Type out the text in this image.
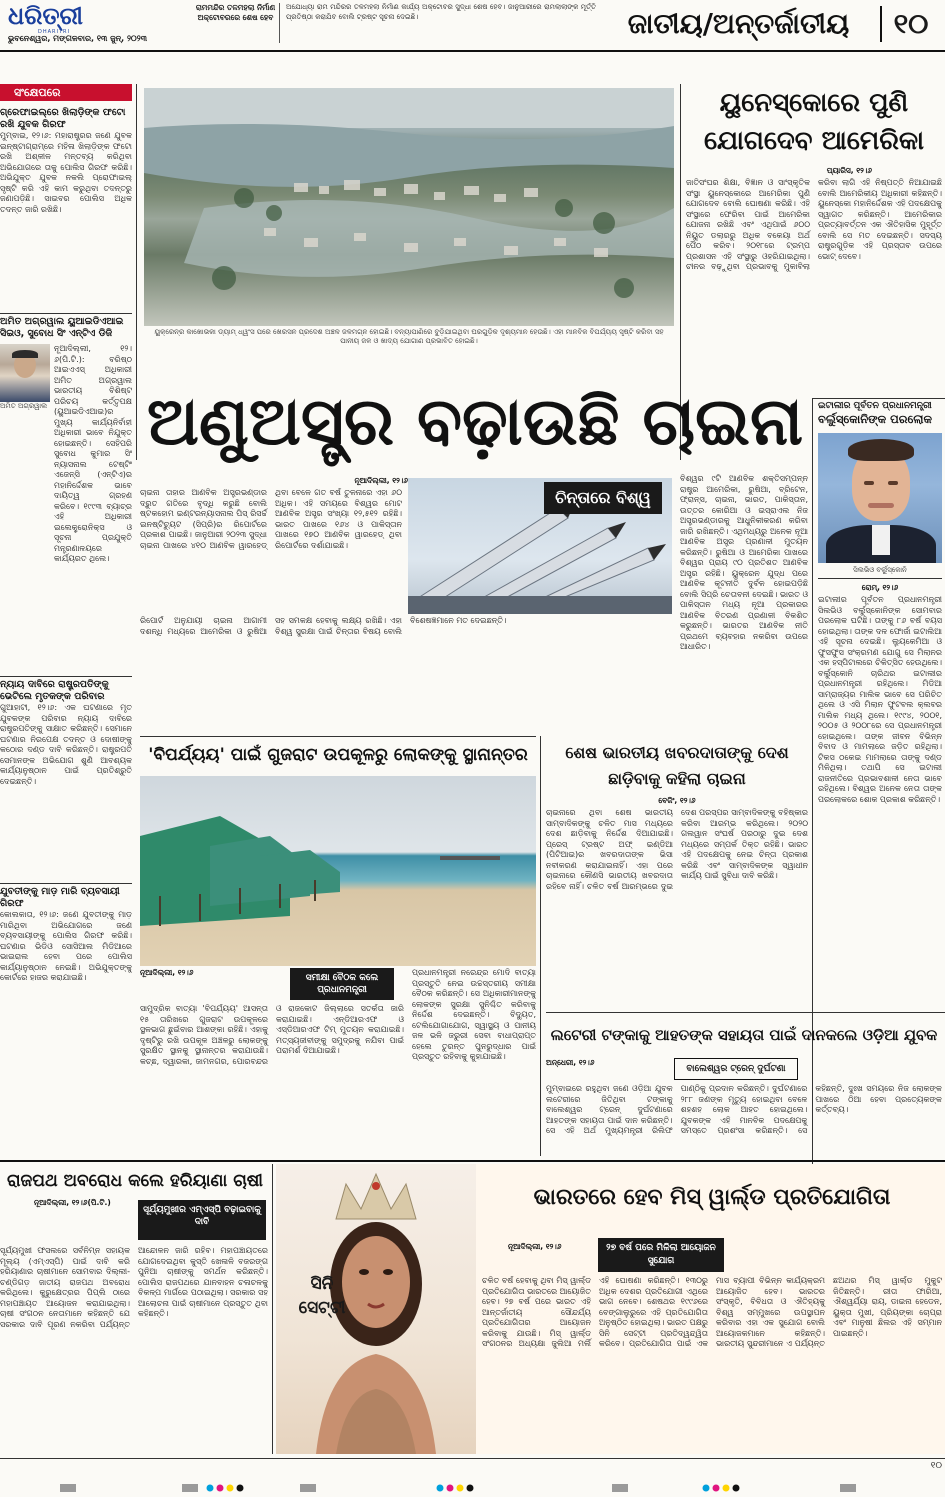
ଧରିତ୍ରୀ
DHARITRI
ଭୁବନେଶ୍ୱର, ମଙ୍ଗଳବାର, ୧୩ ଜୁନ୍, ୨୦୨୩
ରାମମନ୍ଦିର ତଳମହଲା ନିର୍ମାଣ ଅକ୍ଟୋବରରେ ଶେଷ ହେବ
ଅଯୋଧ୍ୟା ରାମ ମନ୍ଦିରର ତଳମହଲା ନିର୍ମାଣ କାର୍ଯ୍ୟ ଅକ୍ଟୋବର ସୁଦ୍ଧା ଶେଷ ହେବ। ଜାନୁଆରୀରେ ରାମଲାଲାଙ୍କ ମୂର୍ତ୍ତି ପ୍ରତିଷ୍ଠା କରାଯିବ ବୋଲି ଟ୍ରଷ୍ଟ ସୂଚନା ଦେଇଛି।	ଜାତୀୟ/ଅନ୍ତର୍ଜାତୀୟ	୧୦
ସଂକ୍ଷେପରେ
ଗ୍ରେଫାଇଲ୍‌ରେ ଖିଲାଡ଼ିଙ୍କ ଫଟୋ ରଖି ଯୁବକ ଗିରଫ
ମୁମ୍ବାଇ, ୧୨।୬: ମହାରାଷ୍ଟ୍ରର ଜଣେ ଯୁବକ ଇନ୍‌ଷ୍ଟାଗ୍ରାମ୍‌ରେ ମହିଳା ଖିଲାଡ଼ିଙ୍କ ଫଟୋ ରଖି ଅଶ୍ଳୀଳ ମନ୍ତବ୍ୟ କରିଥିବା ଅଭିଯୋଗରେ ତାକୁ ପୋଲିସ ଗିରଫ କରିଛି। ଅଭିଯୁକ୍ତ ଯୁବକ ନକଲି ପ୍ରୋଫାଇଲ୍ ସୃଷ୍ଟି କରି ଏହି କାମ କରୁଥିବା ତଦନ୍ତରୁ ଜଣାପଡ଼ିଛି। ସାଇବର ପୋଲିସ ଅଧିକ ତଦନ୍ତ ଜାରି ରଖିଛି।
ଅମିତ ଅଗ୍ରୱାଲ ୟୁଆଇଡିଏଆଇ ସିଇଓ, ସୁବୋଧ ସିଂ ଏନ୍‌ଟିଏ ଡିଜି
ନୂଆଦିଲ୍ଲୀ, ୧୨।୬(ପି.ଟି.): ବରିଷ୍ଠ ଆଇଏଏସ୍ ଅଧିକାରୀ ଅମିତ ଅଗ୍ରୱାଲ ଭାରତୀୟ ବିଶିଷ୍ଟ ପରିଚୟ କର୍ତ୍ତୃପକ୍ଷ (ୟୁଆଇଡିଏଆଇ)ର ମୁଖ୍ୟ କାର୍ଯ୍ୟନିର୍ବାହୀ ଅଧିକାରୀ ଭାବେ ନିଯୁକ୍ତ ହୋଇଛନ୍ତି। ସେହିପରି ସୁବୋଧ କୁମାର ସିଂ ନ୍ୟାସନାଲ ଟେଷ୍ଟିଂ ଏଜେନ୍ସି (ଏନ୍‌ଟିଏ)ର ମହାନିର୍ଦ୍ଦେଶକ ଭାବେ ଦାୟିତ୍ୱ ଗ୍ରହଣ କରିବେ। ୧୯୯୩ ବ୍ୟାଚ୍‌ର ଏହି ଅଧିକାରୀ ଇଲେକ୍ଟ୍ରୋନିକ୍ସ ଓ ସୂଚନା ପ୍ରଯୁକ୍ତି ମନ୍ତ୍ରଣାଳୟରେ କାର୍ଯ୍ୟରତ ଥିଲେ।
ଅମିତ ଅଗ୍ରୱାଲ
ନ୍ୟାୟ ଦାବିରେ ରାଷ୍ଟ୍ରପତିଙ୍କୁ ଭେଟିଲେ ମୃତକଙ୍କ ପରିବାର
ଗୁଆହାଟୀ, ୧୨।୬: ଏକ ଘଟଣାରେ ମୃତ ଯୁବକଙ୍କ ପରିବାର ନ୍ୟାୟ ଦାବିରେ ରାଷ୍ଟ୍ରପତିଙ୍କୁ ସାକ୍ଷାତ କରିଛନ୍ତି। ସେମାନେ ଘଟଣାର ନିରପେକ୍ଷ ତଦନ୍ତ ଓ ଦୋଷୀଙ୍କୁ କଠୋର ଦଣ୍ଡ ଦାବି କରିଛନ୍ତି। ରାଷ୍ଟ୍ରପତି ସେମାନଙ୍କ ଅଭିଯୋଗ ଶୁଣି ଆବଶ୍ୟକ କାର୍ଯ୍ୟାନୁଷ୍ଠାନ ପାଇଁ ପ୍ରତିଶ୍ରୁତି ଦେଇଛନ୍ତି।
ଯୁବତୀଙ୍କୁ ମାଡ଼ ମାରି ବ୍ୟବସାୟୀ ଗିରଫ
କୋଲକାତା, ୧୨।୬: ଜଣେ ଯୁବତୀଙ୍କୁ ମାଡ଼ ମାରିଥିବା ଅଭିଯୋଗରେ ଜଣେ ବ୍ୟବସାୟୀଙ୍କୁ ପୋଲିସ ଗିରଫ କରିଛି। ଘଟଣାର ଭିଡିଓ ସୋସିଆଲ ମିଡିଆରେ ଭାଇରାଲ ହେବା ପରେ ପୋଲିସ କାର୍ଯ୍ୟାନୁଷ୍ଠାନ ନେଇଛି। ଅଭିଯୁକ୍ତଙ୍କୁ କୋର୍ଟରେ ହାଜର କରାଯାଇଛି।
ୟୁକ୍ରେନ୍‌ର କାଖୋଭକା ଡ୍ୟାମ୍ ଧ୍ୱଂସ ପରେ ଖେରସନ ପ୍ରଦେଶ ଅଞ୍ଚଳ ଜଳମଗ୍ନ ହୋଇଛି। ବନ୍ୟାପାଣିରେ ବୁଡ଼ିଯାଇଥିବା ଘରଗୁଡ଼ିକ ଦୃଶ୍ୟମାନ ହେଉଛି। ଏହା ମାନବିକ ବିପର୍ଯ୍ୟୟ ସୃଷ୍ଟି କରିବା ସହ ପାନୀୟ ଜଳ ଓ ଖାଦ୍ୟ ଯୋଗାଣ ପ୍ରଭାବିତ ହୋଇଛି।
ୟୁନେସ୍କୋରେ ପୁଣି ଯୋଗଦେବ ଆମେରିକା
ପ୍ୟାରିସ, ୧୨।୬
ଜାତିସଂଘର ଶିକ୍ଷା, ବିଜ୍ଞାନ ଓ ସାଂସ୍କୃତିକ ସଂସ୍ଥା ୟୁନେସ୍କୋରେ ଆମେରିକା ପୁଣି ଯୋଗଦେବ ବୋଲି ଘୋଷଣା କରିଛି। ଏହି ସଂସ୍ଥାରେ ଫେରିବା ପାଇଁ ଆମେରିକା ଯୋଜନା ରଖିଛି ଏବଂ ଏଥିପାଇଁ ୬୦୦ ନିୟୁତ ଡଲାରରୁ ଅଧିକ ବକେୟା ଅର୍ଥ ପୈଠ କରିବ। ୨୦୧୮ରେ ଟ୍ରମ୍ପ ପ୍ରଶାସନ ଏହି ସଂସ୍ଥାରୁ ଓହରିଯାଇଥିଲା। ଚୀନର ବଢ଼ୁଥିବା ପ୍ରଭାବକୁ ମୁକାବିଲା କରିବା ଲାଗି ଏହି ନିଷ୍ପତ୍ତି ନିଆଯାଇଛି ବୋଲି ଆମେରିକୀୟ ଅଧିକାରୀ କହିଛନ୍ତି। ୟୁନେସ୍କୋ ମହାନିର୍ଦ୍ଦେଶକ ଏହି ପଦକ୍ଷେପକୁ ସ୍ୱାଗତ କରିଛନ୍ତି। ଆମେରିକାର ପ୍ରତ୍ୟାବର୍ତ୍ତନ ଏକ ଐତିହାସିକ ମୁହୂର୍ତ୍ତ ବୋଲି ସେ ମତ ଦେଇଛନ୍ତି। ସଦସ୍ୟ ରାଷ୍ଟ୍ରଗୁଡ଼ିକ ଏହି ପ୍ରସ୍ତାବ ଉପରେ ଭୋଟ୍ ଦେବେ।
ଅଣୁଅସ୍ତ୍ର ବଢ଼ାଉଛି ଚାଇନା	ଇଟାଲୀର ପୂର୍ବତନ ପ୍ରଧାନମନ୍ତ୍ରୀ
ବର୍ଲୁସ୍କୋନିଙ୍କ ପରଲୋକ
ସିଲଭିଓ ବର୍ଲୁସ୍କୋନି
ରୋମ୍, ୧୨।୬
ଇଟାଲୀର ପୂର୍ବତନ ପ୍ରଧାନମନ୍ତ୍ରୀ ସିଲଭିଓ ବର୍ଲୁସ୍କୋନିଙ୍କ ସୋମବାର ପରଲୋକ ଘଟିଛି। ତାଙ୍କୁ ୮୬ ବର୍ଷ ବୟସ ହୋଇଥିଲା। ତାଙ୍କ ଦଳ ଫୋର୍ଜା ଇଟାଲିଆ ଏହି ସୂଚନା ଦେଇଛି। ଲ୍ୟୁକେମିଆ ଓ ଫୁସଫୁସ ସଂକ୍ରମଣ ଯୋଗୁ ସେ ମିଲାନର ଏକ ହସ୍ପିଟାଲରେ ଚିକିତ୍ସିତ ହେଉଥିଲେ। ବର୍ଲୁସ୍କୋନି ଚାରିଥର ଇଟାଲୀର ପ୍ରଧାନମନ୍ତ୍ରୀ ରହିଥିଲେ। ମିଡିଆ ସାମ୍ରାଜ୍ୟର ମାଲିକ ଭାବେ ସେ ପରିଚିତ ଥିଲେ ଓ ଏସି ମିଲାନ ଫୁଟବଲ କ୍ଲବର ମାଲିକ ମଧ୍ୟ ଥିଲେ। ୧୯୯୪, ୨୦୦୧, ୨୦୦୫ ଓ ୨୦୦୮ରେ ସେ ପ୍ରଧାନମନ୍ତ୍ରୀ ହୋଇଥିଲେ। ତାଙ୍କ ଜୀବନ ବିଭିନ୍ନ ବିବାଦ ଓ ମାମଲାରେ ଜଡ଼ିତ ରହିଥିଲା। ଟିକସ ଠକେଇ ମାମଲାରେ ତାଙ୍କୁ ଦଣ୍ଡ ମିଳିଥିଲା। ତଥାପି ସେ ଇଟାଲୀ ରାଜନୀତିରେ ପ୍ରଭାବଶାଳୀ ନେତା ଭାବେ ରହିଥିଲେ। ବିଶ୍ୱର ଅନେକ ନେତା ତାଙ୍କ ପରଲୋକରେ ଶୋକ ପ୍ରକାଶ କରିଛନ୍ତି।
ନୂଆଦିଲ୍ଲୀ, ୧୨।୬
ଚାଇନା ତାହାର ଆଣବିକ ଅସ୍ତ୍ରଭଣ୍ଡାର ଦ୍ରୁତ ଗତିରେ ବୃଦ୍ଧି କରୁଛି ବୋଲି ଷ୍ଟକହୋମ ଇଣ୍ଟରନ୍ୟାସନାଲ ପିସ୍ ରିସର୍ଚ୍ଚ ଇନଷ୍ଟିଚ୍ୟୁଟ (ସିପ୍ରି)ର ରିପୋର୍ଟରେ ପ୍ରକାଶ ପାଇଛି। ଜାନୁଆରୀ ୨୦୨୩ ସୁଦ୍ଧା ଚାଇନା ପାଖରେ ୪୧୦ ଆଣବିକ ୱାରହେଡ୍ ଥିବା ବେଳେ ଗତ ବର୍ଷ ତୁଳନାରେ ଏହା ୬୦ ଅଧିକ। ଏହି ସମୟରେ ବିଶ୍ୱର ମୋଟ ଆଣବିକ ଅସ୍ତ୍ର ସଂଖ୍ୟା ୧୨,୫୧୨ ରହିଛି। ଭାରତ ପାଖରେ ୧୬୪ ଓ ପାକିସ୍ତାନ ପାଖରେ ୧୭୦ ଆଣବିକ ୱାରହେଡ୍ ଥିବା ରିପୋର୍ଟରେ ଦର୍ଶାଯାଇଛି।
ଚିନ୍ତାରେ ବିଶ୍ୱ
ବିଶ୍ୱର ୯ଟି ଆଣବିକ ଶକ୍ତିସମ୍ପନ୍ନ ରାଷ୍ଟ୍ର ଆମେରିକା, ରୁଷିଆ, ବ୍ରିଟେନ, ଫ୍ରାନ୍ସ, ଚାଇନା, ଭାରତ, ପାକିସ୍ତାନ, ଉତ୍ତର କୋରିଆ ଓ ଇସ୍ରାଏଲ ନିଜ ଅସ୍ତ୍ରଭଣ୍ଡାରକୁ ଆଧୁନିକୀକରଣ କରିବା ଜାରି ରଖିଛନ୍ତି। ଏଥିମଧ୍ୟରୁ ଅନେକ ନୂଆ ଆଣବିକ ଅସ୍ତ୍ର ପ୍ରଣାଳୀ ମୁତୟନ କରିଛନ୍ତି। ରୁଷିଆ ଓ ଆମେରିକା ପାଖରେ ବିଶ୍ୱର ପ୍ରାୟ ୯୦ ପ୍ରତିଶତ ଆଣବିକ ଅସ୍ତ୍ର ରହିଛି। ୟୁକ୍ରେନ ଯୁଦ୍ଧ ପରେ ଆଣବିକ କୂଟନୀତି ଦୁର୍ବଳ ହୋଇପଡ଼ିଛି ବୋଲି ସିପ୍ରି ଚେତାବନୀ ଦେଇଛି। ଭାରତ ଓ ପାକିସ୍ତାନ ମଧ୍ୟ ନୂଆ ପ୍ରକାରର ଆଣବିକ ବିତରଣ ପ୍ରଣାଳୀ ବିକଶିତ କରୁଛନ୍ତି। ଭାରତର ଆଣବିକ ନୀତି ପ୍ରଥମେ ବ୍ୟବହାର ନକରିବା ଉପରେ ଆଧାରିତ।
ରିପୋର୍ଟ ଅନୁଯାୟୀ ଚାଇନା ଆଗାମୀ ଦଶନ୍ଧି ମଧ୍ୟରେ ଆମେରିକା ଓ ରୁଷିଆ ସହ ସମକକ୍ଷ ହେବାକୁ ଲକ୍ଷ୍ୟ ରଖିଛି। ଏହା ବିଶ୍ୱ ସୁରକ୍ଷା ପାଇଁ ଚିନ୍ତାର ବିଷୟ ବୋଲି ବିଶେଷଜ୍ଞମାନେ ମତ ଦେଇଛନ୍ତି।
'ବିପର୍ଯ୍ୟୟ' ପାଇଁ ଗୁଜରାଟ ଉପକୂଳରୁ ଲୋକଙ୍କୁ ସ୍ଥାନାନ୍ତର
ନୂଆଦିଲ୍ଲୀ, ୧୨।୬
ସମୀକ୍ଷା ବୈଠକ କଲେ ପ୍ରଧାନମନ୍ତ୍ରୀ
ସାମୁଦ୍ରିକ ବାତ୍ୟା 'ବିପର୍ଯ୍ୟୟ' ଆସନ୍ତା ୧୫ ତାରିଖରେ ଗୁଜରାଟ ଉପକୂଳରେ ସ୍ଥଳଭାଗ ଛୁଇଁବାର ଆଶଙ୍କା ରହିଛି। ଏହାକୁ ଦୃଷ୍ଟିରୁ ରଖି ଉପକୂଳ ଅଞ୍ଚଳରୁ ଲୋକଙ୍କୁ ସୁରକ୍ଷିତ ସ୍ଥାନକୁ ସ୍ଥାନାନ୍ତର କରାଯାଉଛି। କଚ୍ଛ, ଦ୍ୱାରକା, ଜାମନଗର, ପୋରବନ୍ଦର ଓ ରାଜକୋଟ ଜିଲ୍ଲାରେ ସତର୍କତା ଜାରି କରାଯାଇଛି। ଏନ୍‌ଡିଆରଏଫ ଓ ଏସ୍‌ଡିଆରଏଫ ଟିମ୍ ମୁତୟନ କରାଯାଇଛି। ମତ୍ସ୍ୟଜୀବୀଙ୍କୁ ସମୁଦ୍ରକୁ ନଯିବା ପାଇଁ ପରାମର୍ଶ ଦିଆଯାଇଛି।
ପ୍ରଧାନମନ୍ତ୍ରୀ ନରେନ୍ଦ୍ର ମୋଦି ବାତ୍ୟା ପ୍ରସ୍ତୁତି ନେଇ ଉଚ୍ଚସ୍ତରୀୟ ସମୀକ୍ଷା ବୈଠକ କରିଛନ୍ତି। ସେ ଅଧିକାରୀମାନଙ୍କୁ ଲୋକଙ୍କ ସୁରକ୍ଷା ସୁନିଶ୍ଚିତ କରିବାକୁ ନିର୍ଦ୍ଦେଶ ଦେଇଛନ୍ତି। ବିଦ୍ୟୁତ, ଟେଲିଯୋଗାଯୋଗ, ସ୍ୱାସ୍ଥ୍ୟ ଓ ପାନୀୟ ଜଳ ଭଳି ଜରୁରୀ ସେବା ବାଧାପ୍ରାପ୍ତ ହେଲେ ତୁରନ୍ତ ପୁନରୁଦ୍ଧାର ପାଇଁ ପ୍ରସ୍ତୁତ ରହିବାକୁ କୁହାଯାଇଛି।
ଶେଷ ଭାରତୀୟ ଖବରଦାତାଙ୍କୁ ଦେଶ ଛାଡ଼ିବାକୁ କହିଲା ଚାଇନା
ବେଜିଂ, ୧୨।୬
ଚାଇନାରେ ଥିବା ଶେଷ ଭାରତୀୟ ସାମ୍ବାଦିକଙ୍କୁ ଚଳିତ ମାସ ମଧ୍ୟରେ ଦେଶ ଛାଡ଼ିବାକୁ ନିର୍ଦ୍ଦେଶ ଦିଆଯାଇଛି। ପ୍ରେସ୍ ଟ୍ରଷ୍ଟ ଅଫ୍ ଇଣ୍ଡିଆ (ପିଟିଆଇ)ର ଖବରଦାତାଙ୍କ ଭିସା ନବୀକରଣ କରାଯାଇନାହିଁ। ଏହା ପରେ ଚାଇନାରେ କୌଣସି ଭାରତୀୟ ଖବରଦାତା ରହିବେ ନାହିଁ। ଚଳିତ ବର୍ଷ ଆରମ୍ଭରେ ଦୁଇ ଦେଶ ପରସ୍ପର ସାମ୍ବାଦିକଙ୍କୁ ବହିଷ୍କାର କରିବା ଆରମ୍ଭ କରିଥିଲେ। ୨୦୨୦ ଗଲୱାନ ସଂଘର୍ଷ ପରଠାରୁ ଦୁଇ ଦେଶ ମଧ୍ୟରେ ସମ୍ପର୍କ ତିକ୍ତ ରହିଛି। ଭାରତ ଏହି ପଦକ୍ଷେପକୁ ନେଇ ଚିନ୍ତା ପ୍ରକାଶ କରିଛି ଏବଂ ସାମ୍ବାଦିକଙ୍କ ସ୍ୱାଧୀନ କାର୍ଯ୍ୟ ପାଇଁ ସୁବିଧା ଦାବି କରିଛି।
ଲଟେରୀ ଟଙ୍କାକୁ ଆହତଙ୍କ ସହାୟତା ପାଇଁ ଦାନକଲେ ଓଡ଼ିଆ ଯୁବକ
ଅନ୍ଧେରୀ, ୧୨।୬
ବାଲେଶ୍ୱର ଟ୍ରେନ୍ ଦୁର୍ଘଟଣା
ମୁମ୍ବାଇରେ ରହୁଥିବା ଜଣେ ଓଡ଼ିଆ ଯୁବକ ଲଟେରୀରେ ଜିତିଥିବା ଟଙ୍କାକୁ ବାଲେଶ୍ୱର ଟ୍ରେନ୍ ଦୁର୍ଘଟଣାରେ ଆହତଙ୍କ ସହାୟତା ପାଇଁ ଦାନ କରିଛନ୍ତି। ସେ ଏହି ଅର୍ଥ ମୁଖ୍ୟମନ୍ତ୍ରୀ ରିଲିଫ ପାଣ୍ଠିକୁ ପ୍ରଦାନ କରିଛନ୍ତି। ଦୁର୍ଘଟଣାରେ ୨୮୮ ଜଣଙ୍କ ମୃତ୍ୟୁ ହୋଇଥିବା ବେଳେ ଶହଶହ ଲୋକ ଆହତ ହୋଇଥିଲେ। ଯୁବକଙ୍କ ଏହି ମାନବିକ ପଦକ୍ଷେପକୁ ସମସ୍ତେ ପ୍ରଶଂସା କରିଛନ୍ତି। ସେ କହିଛନ୍ତି, ଦୁଃଖ ସମୟରେ ନିଜ ଲୋକଙ୍କ ପାଖରେ ଠିଆ ହେବା ପ୍ରତ୍ୟେକଙ୍କ କର୍ତ୍ତବ୍ୟ।
ରାଜପଥ ଅବରୋଧ କଲେ ହରିୟାଣା ଚାଷୀ
ନୂଆଦିଲ୍ଲୀ, ୧୨।୬(ପି.ଟି.)
ସୂର୍ଯ୍ୟମୁଖୀର ଏମ୍ଏସ୍‌ପି ବଢ଼ାଇବାକୁ ଦାବି
ସୂର୍ଯ୍ୟମୁଖୀ ଫସଲରେ ସର୍ବନିମ୍ନ ସହାୟକ ମୂଲ୍ୟ (ଏମ୍ଏସ୍‌ପି) ପାଇଁ ଦାବି କରି ହରିୟାଣାର ଚାଷୀମାନେ ସୋମବାର ଦିଲ୍ଲୀ-ଚଣ୍ଡିଗଡ଼ ଜାତୀୟ ରାଜପଥ ଅବରୋଧ କରିଥିଲେ। କୁରୁକ୍ଷେତ୍ରର ପିପ୍ଲି ଠାରେ ମହାପଞ୍ଚାୟତ ଆୟୋଜନ କରାଯାଇଥିଲା। ଚାଷୀ ସଂଗଠନ ନେତାମାନେ କହିଛନ୍ତି ଯେ ସରକାର ଦାବି ପୂରଣ ନକରିବା ପର୍ଯ୍ୟନ୍ତ ଆନ୍ଦୋଳନ ଜାରି ରହିବ। ମହାପଞ୍ଚାୟତରେ ଯୋଗଦେଇଥିବା କୁସ୍ତି ଖେଳାଳି ବଜରଙ୍ଗ ପୁନିଆ ଚାଷୀଙ୍କୁ ସମର୍ଥନ କରିଛନ୍ତି। ପୋଲିସ ରାଜପଥରେ ଯାନବାହନ ଚଳାଚଳକୁ ବିକଳ୍ପ ମାର୍ଗରେ ପଠାଇଥିଲା। ସରକାର ସହ ଆଲୋଚନା ପାଇଁ ଚାଷୀମାନେ ପ୍ରସ୍ତୁତ ଥିବା କହିଛନ୍ତି।
ସିନି ସେଟ୍ଟୀ
ଭାରତରେ ହେବ ମିସ୍ ୱାର୍ଲ୍ଡ ପ୍ରତିଯୋଗିତା
ନୂଆଦିଲ୍ଲୀ, ୧୨।୬	୨୭ ବର୍ଷ ପରେ ମିଳିଲା ଆୟୋଜନ ସୁଯୋଗ
ଚଳିତ ବର୍ଷ ହେବାକୁ ଥିବା ମିସ୍ ୱାର୍ଲ୍ଡ ପ୍ରତିଯୋଗିତା ଭାରତରେ ଆୟୋଜିତ ହେବ। ୨୭ ବର୍ଷ ପରେ ଭାରତ ଏହି ଆନ୍ତର୍ଜାତୀୟ ସୌନ୍ଦର୍ଯ୍ୟ ପ୍ରତିଯୋଗିତାର ଆୟୋଜନ କରିବାକୁ ଯାଉଛି। ମିସ୍ ୱାର୍ଲ୍ଡ ସଂଗଠନର ଅଧ୍ୟକ୍ଷା ଜୁଲିଆ ମର୍ଲି ଏହି ଘୋଷଣା କରିଛନ୍ତି। ୧୩୦ରୁ ଅଧିକ ଦେଶର ପ୍ରତିଯୋଗୀ ଏଥିରେ ଭାଗ ନେବେ। ଶେଷଥର ୧୯୯୬ରେ ବେଙ୍ଗାଲୁରୁରେ ଏହି ପ୍ରତିଯୋଗିତା ଅନୁଷ୍ଠିତ ହୋଇଥିଲା। ଭାରତ ପକ୍ଷରୁ ସିନି ସେଟ୍ଟୀ ପ୍ରତିଦ୍ୱନ୍ଦ୍ୱିତା କରିବେ। ପ୍ରତିଯୋଗିତା ପାଇଁ ଏକ ମାସ ବ୍ୟାପୀ ବିଭିନ୍ନ କାର୍ଯ୍ୟକ୍ରମ ଆୟୋଜିତ ହେବ। ଭାରତର ସଂସ୍କୃତି, ବିବିଧତା ଓ ଐତିହ୍ୟକୁ ବିଶ୍ୱ ସମ୍ମୁଖରେ ଉପସ୍ଥାପନ କରିବାର ଏହା ଏକ ସୁଯୋଗ ବୋଲି ଆୟୋଜକମାନେ କହିଛନ୍ତି। ଭାରତୀୟ ସୁନ୍ଦରୀମାନେ ଏ ପର୍ଯ୍ୟନ୍ତ ଛଅଥର ମିସ୍ ୱାର୍ଲ୍ଡ ମୁକୁଟ ଜିତିଛନ୍ତି। ରୀତା ଫାରିଆ, ଐଶ୍ୱର୍ଯ୍ୟା ରାୟ, ଡାଇନା ହେଡେନ, ୟୁକ୍ତା ମୁଖୀ, ପ୍ରିୟଙ୍କା ଚୋପ୍ରା ଏବଂ ମାନୁଷୀ ଛିଲର ଏହି ସମ୍ମାନ ପାଇଛନ୍ତି।
୧୦
